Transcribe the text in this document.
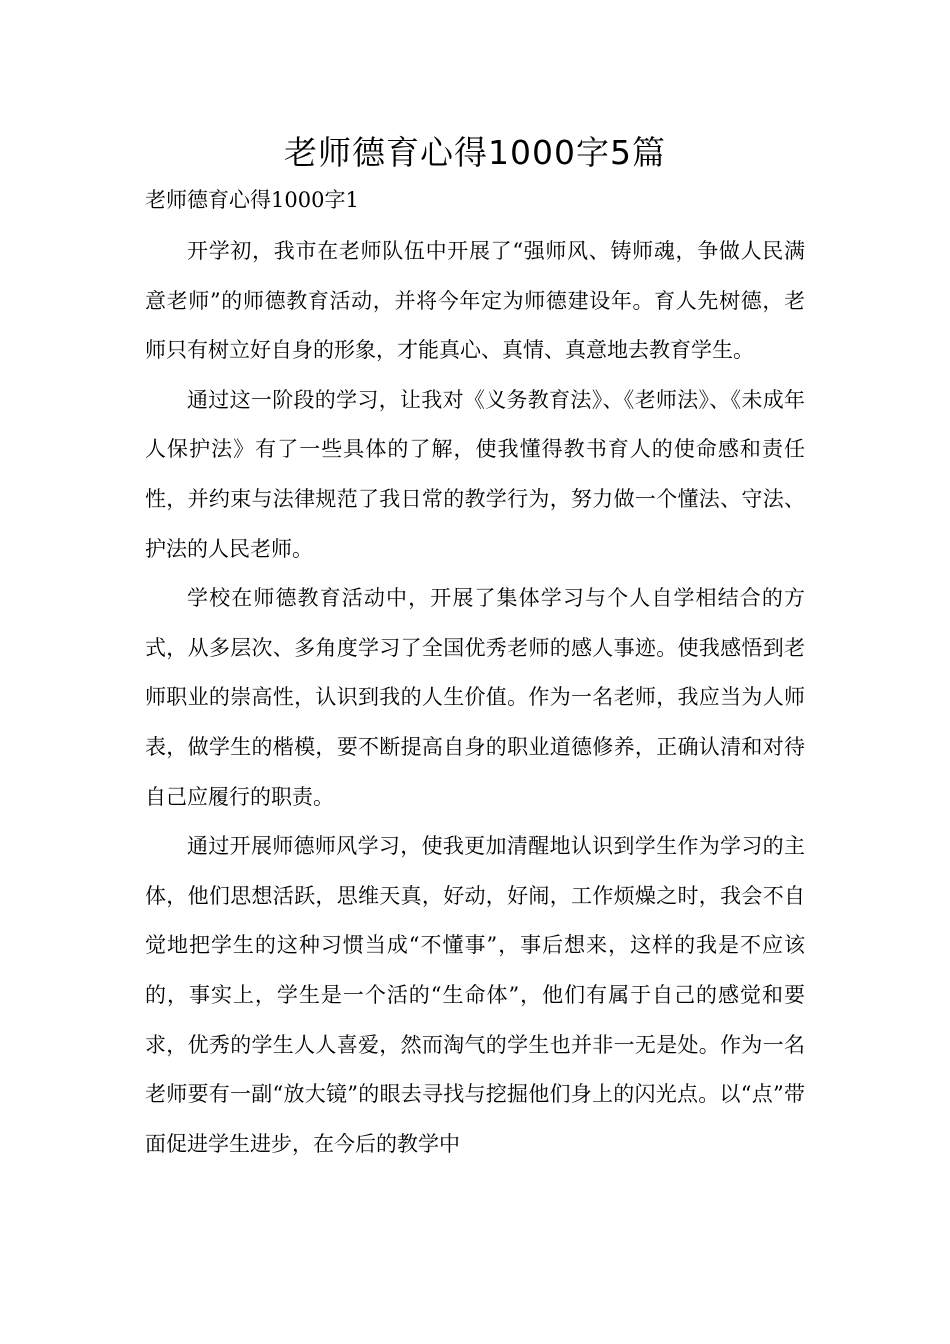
老师德育心得1000字5篇
老师德育心得1000字1

开学初，我市在老师队伍中开展了“强师风、铸师魂，争做人民满意老师”的师德教育活动，并将今年定为师德建设年。育人先树德，老师只有树立好自身的形象，才能真心、真情、真意地去教育学生。

通过这一阶段的学习，让我对《义务教育法》、《老师法》、《未成年人保护法》有了一些具体的了解，使我懂得教书育人的使命感和责任性，并约束与法律规范了我日常的教学行为，努力做一个懂法、守法、护法的人民老师。

学校在师德教育活动中，开展了集体学习与个人自学相结合的方式，从多层次、多角度学习了全国优秀老师的感人事迹。使我感悟到老师职业的崇高性，认识到我的人生价值。作为一名老师，我应当为人师表，做学生的楷模，要不断提高自身的职业道德修养，正确认清和对待自己应履行的职责。

通过开展师德师风学习，使我更加清醒地认识到学生作为学习的主体，他们思想活跃，思维天真，好动，好闹，工作烦燥之时，我会不自觉地把学生的这种习惯当成“不懂事”，事后想来，这样的我是不应该的，事实上，学生是一个活的“生命体”，他们有属于自己的感觉和要求，优秀的学生人人喜爱，然而淘气的学生也并非一无是处。作为一名老师要有一副“放大镜”的眼去寻找与挖掘他们身上的闪光点。以“点”带面促进学生进步，在今后的教学中
